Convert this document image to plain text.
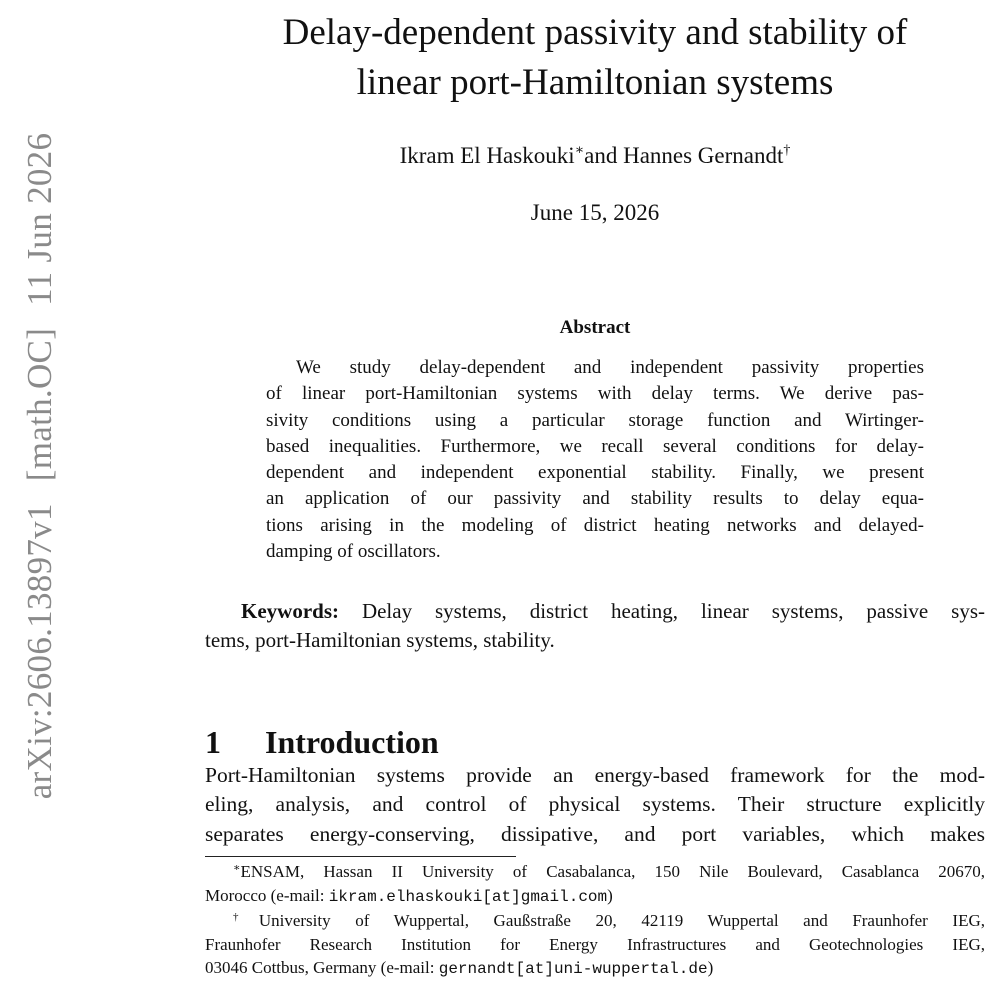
arXiv:2606.13897v1[math.OC]11 Jun 2026
Delay-dependent passivity and stability of
linear port-Hamiltonian systems
Ikram El Haskouki∗and Hannes Gernandt†
June 15, 2026
Abstract
We study delay-dependent and independent passivity properties
of linear port-Hamiltonian systems with delay terms. We derive pas-
sivity conditions using a particular storage function and Wirtinger-
based inequalities. Furthermore, we recall several conditions for delay-
dependent and independent exponential stability. Finally, we present
an application of our passivity and stability results to delay equa-
tions arising in the modeling of district heating networks and delayed-
damping of oscillators.
Keywords: Delay systems, district heating, linear systems, passive sys-
tems, port-Hamiltonian systems, stability.
1 Introduction
Port-Hamiltonian systems provide an energy-based framework for the mod-
eling, analysis, and control of physical systems. Their structure explicitly
separates energy-conserving, dissipative, and port variables, which makes
∗ENSAM, Hassan II University of Casabalanca, 150 Nile Boulevard, Casablanca 20670,
Morocco (e-mail: ikram.elhaskouki[at]gmail.com)
†University of Wuppertal, Gaußstraße 20, 42119 Wuppertal and Fraunhofer IEG,
Fraunhofer Research Institution for Energy Infrastructures and Geotechnologies IEG,
03046 Cottbus, Germany (e-mail: gernandt[at]uni-wuppertal.de)
